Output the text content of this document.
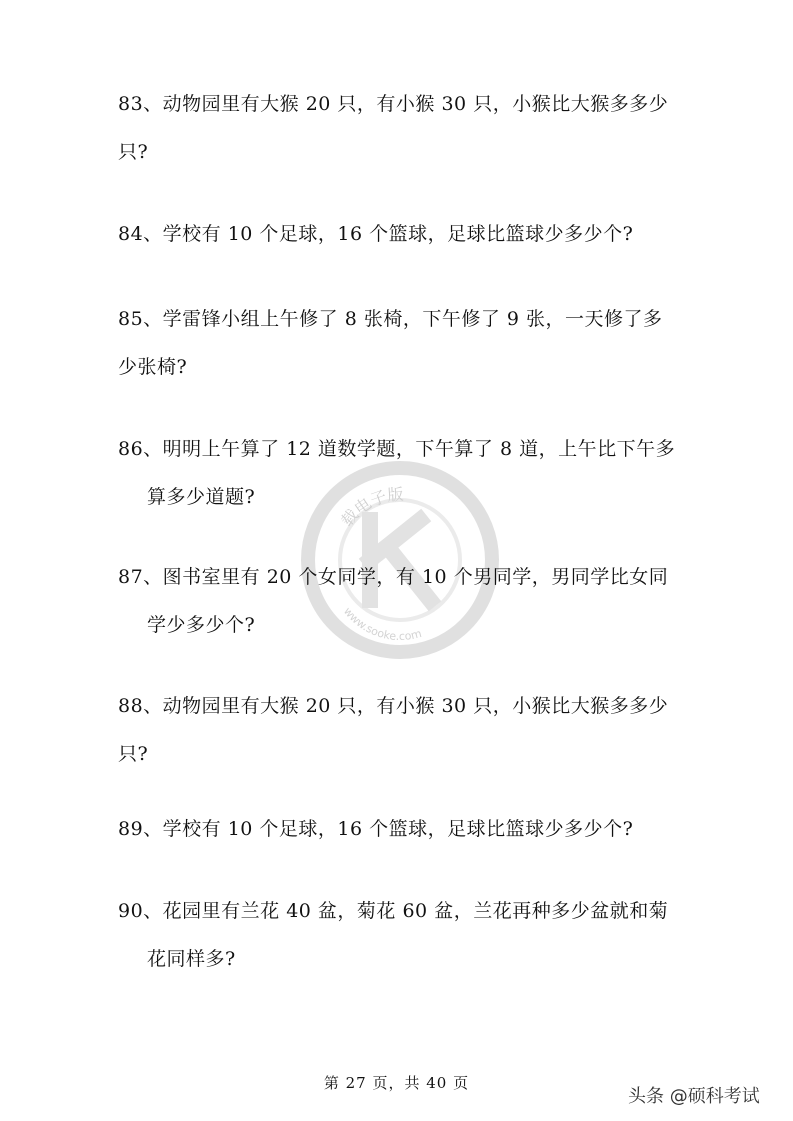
载电子版
www.sooke.com
83、动物园里有大猴 20 只，有小猴 30 只，小猴比大猴多多少
只?
84、学校有 10 个足球，16 个篮球，足球比篮球少多少个?
85、学雷锋小组上午修了 8 张椅，下午修了 9 张，一天修了多
少张椅?
86、明明上午算了 12 道数学题，下午算了 8 道，上午比下午多
算多少道题?
87、图书室里有 20 个女同学，有 10 个男同学，男同学比女同
学少多少个?
88、动物园里有大猴 20 只，有小猴 30 只，小猴比大猴多多少
只?
89、学校有 10 个足球，16 个篮球，足球比篮球少多少个?
90、花园里有兰花 40 盆，菊花 60 盆，兰花再种多少盆就和菊
花同样多?
第 27 页，共 40 页
头条 @硕科考试
